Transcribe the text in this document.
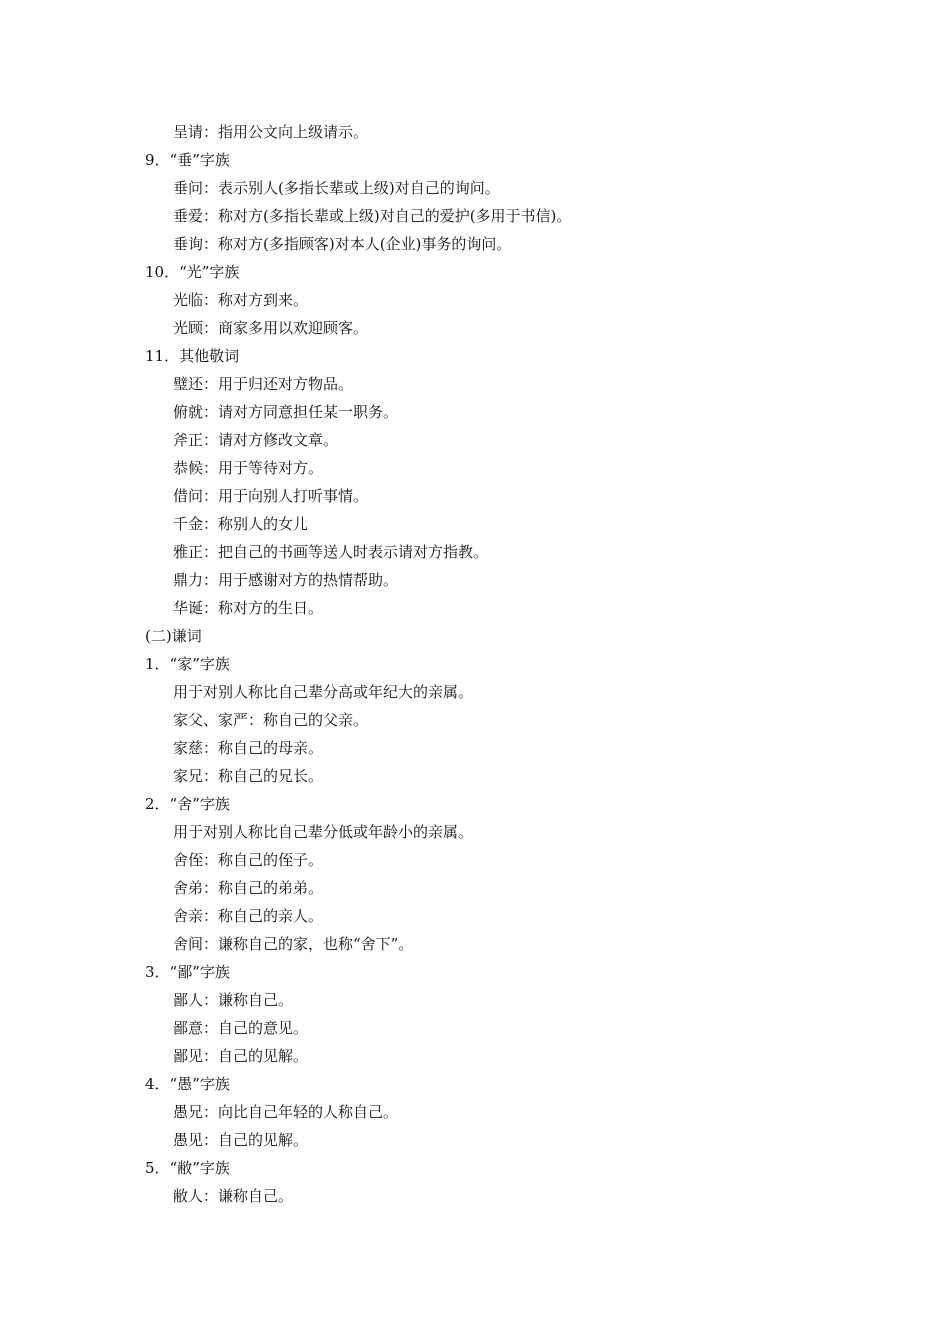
呈请：指用公文向上级请示。
9．“垂”字族
垂问：表示别人(多指长辈或上级)对自己的询问。
垂爱：称对方(多指长辈或上级)对自己的爱护(多用于书信)。
垂询：称对方(多指顾客)对本人(企业)事务的询问。
10．“光”字族
光临：称对方到来。
光顾：商家多用以欢迎顾客。
11．其他敬词
璧还：用于归还对方物品。
俯就：请对方同意担任某一职务。
斧正：请对方修改文章。
恭候：用于等待对方。
借问：用于向别人打听事情。
千金：称别人的女儿
雅正：把自己的书画等送人时表示请对方指教。
鼎力：用于感谢对方的热情帮助。
华诞：称对方的生日。
(二)谦词
1．“家”字族
用于对别人称比自己辈分高或年纪大的亲属。
家父、家严：称自己的父亲。
家慈：称自己的母亲。
家兄：称自己的兄长。
2．“舍”字族
用于对别人称比自己辈分低或年龄小的亲属。
舍侄：称自己的侄子。
舍弟：称自己的弟弟。
舍亲：称自己的亲人。
舍间：谦称自己的家，也称“舍下”。
3．“鄙”字族
鄙人：谦称自己。
鄙意：自己的意见。
鄙见：自己的见解。
4．“愚”字族
愚兄：向比自己年轻的人称自己。
愚见：自己的见解。
5．“敝”字族
敝人：谦称自己。
